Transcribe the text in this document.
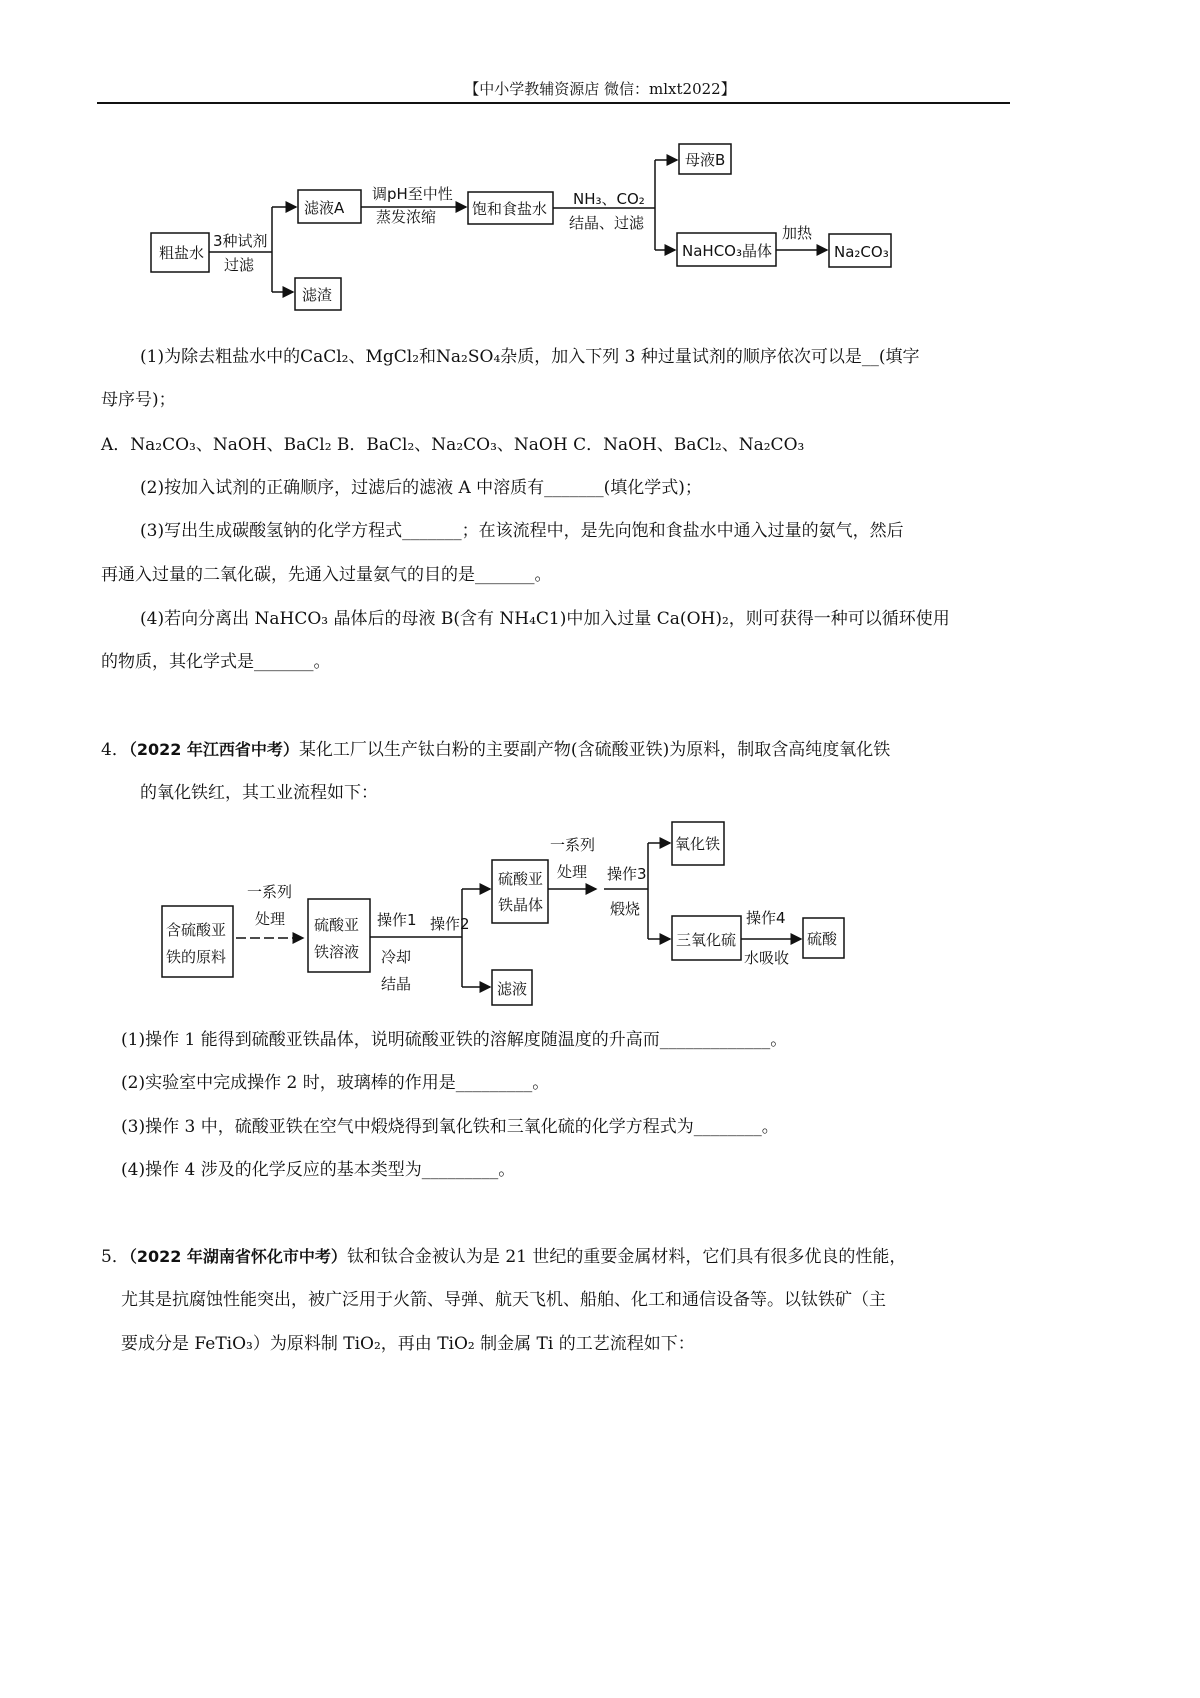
【中小学教辅资源店 微信：mlxt2022】
粗盐水
3种试剂
过滤
滤液A
滤渣
调pH至中性
蒸发浓缩 饱和食盐水
NH₃、CO₂
结晶、过滤
母液B
NaHCO₃晶体
加热
Na₂CO₃
(1)为除去粗盐水中的CaCl₂、MgCl₂和Na₂SO₄杂质，加入下列 3 种过量试剂的顺序依次可以是__(填字
母序号)；
A．Na₂CO₃、NaOH、BaCl₂ B．BaCl₂、Na₂CO₃、NaOH C．NaOH、BaCl₂、Na₂CO₃
(2)按加入试剂的正确顺序，过滤后的滤液 A 中溶质有_______(填化学式)；
(3)写出生成碳酸氢钠的化学方程式_______；在该流程中，是先向饱和食盐水中通入过量的氨气，然后
再通入过量的二氧化碳，先通入过量氨气的目的是_______。
(4)若向分离出 NaHCO₃ 晶体后的母液 B(含有 NH₄C1)中加入过量 Ca(OH)₂，则可获得一种可以循环使用
的物质，其化学式是_______。
4．（2022 年江西省中考）某化工厂以生产钛白粉的主要副产物(含硫酸亚铁)为原料，制取含高纯度氧化铁
的氧化铁红，其工业流程如下：
含硫酸亚
铁的原料
一系列
处理 硫酸亚
铁溶液
操作1
冷却
结晶
操作2
硫酸亚
铁晶体
滤液
一系列
处理 操作3
煅烧
氧化铁
三氧化硫
操作4
水吸收
硫酸
(1)操作 1 能得到硫酸亚铁晶体，说明硫酸亚铁的溶解度随温度的升高而_____________。
(2)实验室中完成操作 2 时，玻璃棒的作用是_________。
(3)操作 3 中，硫酸亚铁在空气中煅烧得到氧化铁和三氧化硫的化学方程式为________。
(4)操作 4 涉及的化学反应的基本类型为_________。
5．（2022 年湖南省怀化市中考）钛和钛合金被认为是 21 世纪的重要金属材料，它们具有很多优良的性能，
尤其是抗腐蚀性能突出，被广泛用于火箭、导弹、航天飞机、船舶、化工和通信设备等。以钛铁矿（主
要成分是 FeTiO₃）为原料制 TiO₂，再由 TiO₂ 制金属 Ti 的工艺流程如下：
